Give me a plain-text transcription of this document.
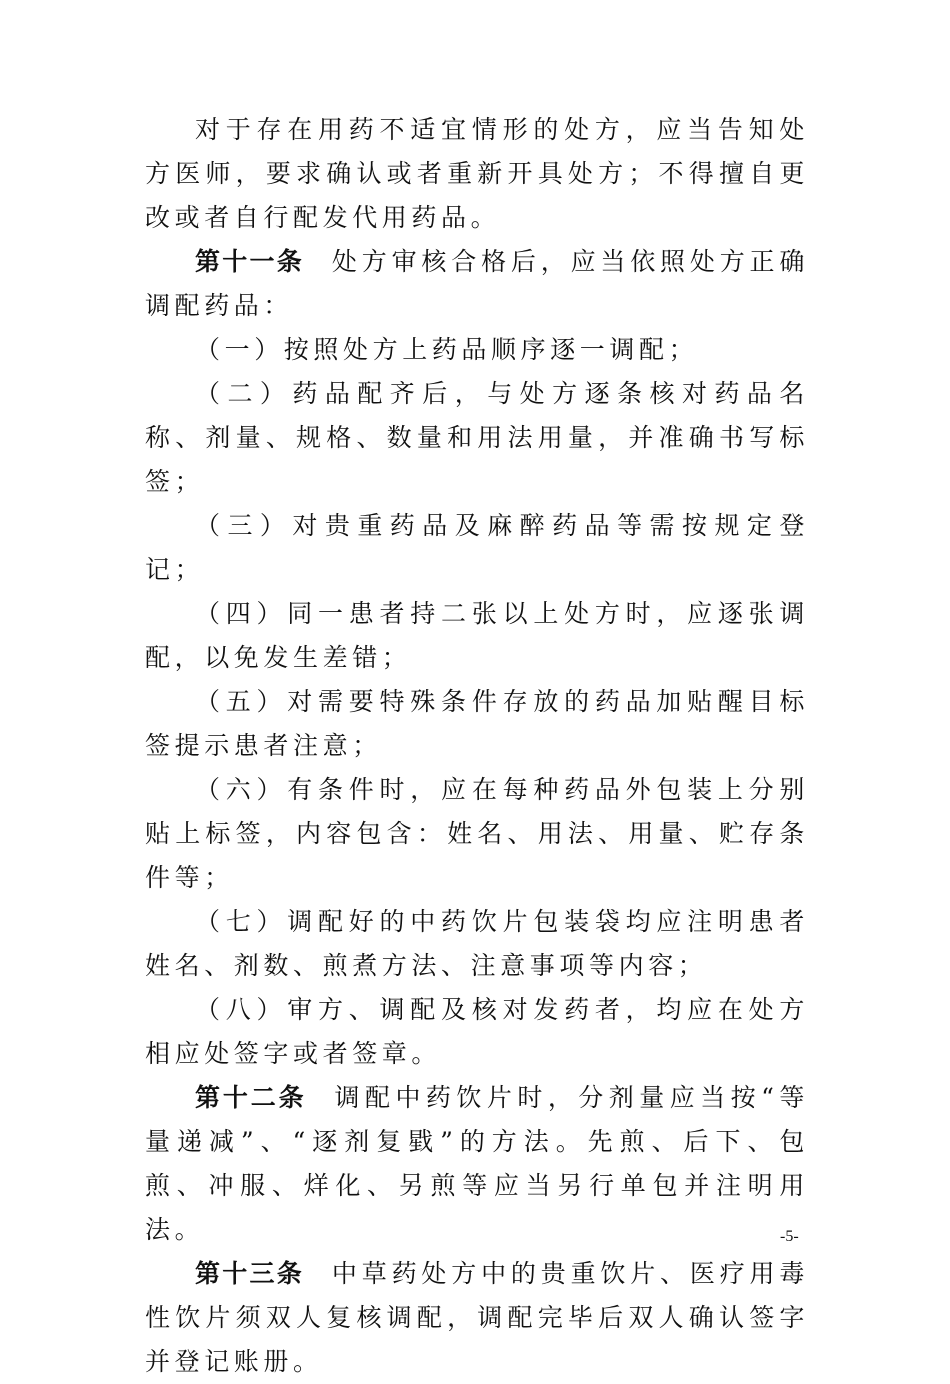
对于存在用药不适宜情形的处方，应当告知处方医师，要求确认或者重新开具处方；不得擅自更改或者自行配发代用药品。

第十一条 处方审核合格后，应当依照处方正确调配药品：

（一）按照处方上药品顺序逐一调配；

（二）药品配齐后，与处方逐条核对药品名称、剂量、规格、数量和用法用量，并准确书写标签；

（三）对贵重药品及麻醉药品等需按规定登记；

（四）同一患者持二张以上处方时，应逐张调配，以免发生差错；

（五）对需要特殊条件存放的药品加贴醒目标签提示患者注意；

（六）有条件时，应在每种药品外包装上分别贴上标签，内容包含：姓名、用法、用量、贮存条件等；

（七）调配好的中药饮片包装袋均应注明患者姓名、剂数、煎煮方法、注意事项等内容；

（八）审方、调配及核对发药者，均应在处方相应处签字或者签章。

第十二条 调配中药饮片时，分剂量应当按“等量递减”、“逐剂复戥”的方法。先煎、后下、包煎、冲服、烊化、另煎等应当另行单包并注明用法。

第十三条 中草药处方中的贵重饮片、医疗用毒性饮片须双人复核调配，调配完毕后双人确认签字并登记账册。

-5-
